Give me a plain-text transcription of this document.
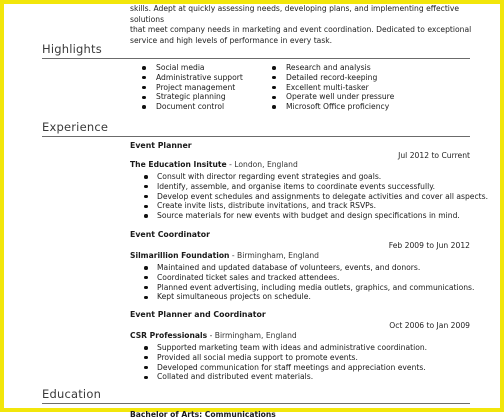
skills. Adept at quickly assessing needs, developing plans, and implementing effective solutions
that meet company needs in marketing and event coordination. Dedicated to exceptional
service and high levels of performance in every task.
Highlights
Social media
Administrative support
Project management
Strategic planning
Document control
Research and analysis
Detailed record-keeping
Excellent multi-tasker
Operate well under pressure
Microsoft Office proficiency
Experience
Event Planner
Jul 2012 to Current
The Education Insitute - London, England
Consult with director regarding event strategies and goals.
Identify, assemble, and organise items to coordinate events successfully.
Develop event schedules and assignments to delegate activities and cover all aspects.
Create invite lists, distribute invitations, and track RSVPs.
Source materials for new events with budget and design specifications in mind.
Event Coordinator
Feb 2009 to Jun 2012
Silmarillion Foundation - Birmingham, England
Maintained and updated database of volunteers, events, and donors.
Coordinated ticket sales and tracked attendees.
Planned event advertising, including media outlets, graphics, and communications.
Kept simultaneous projects on schedule.
Event Planner and Coordinator
Oct 2006 to Jan 2009
CSR Professionals - Birmingham, England
Supported marketing team with ideas and administrative coordination.
Provided all social media support to promote events.
Developed communication for staff meetings and appreciation events.
Collated and distributed event materials.
Education
Bachelor of Arts: Communications
